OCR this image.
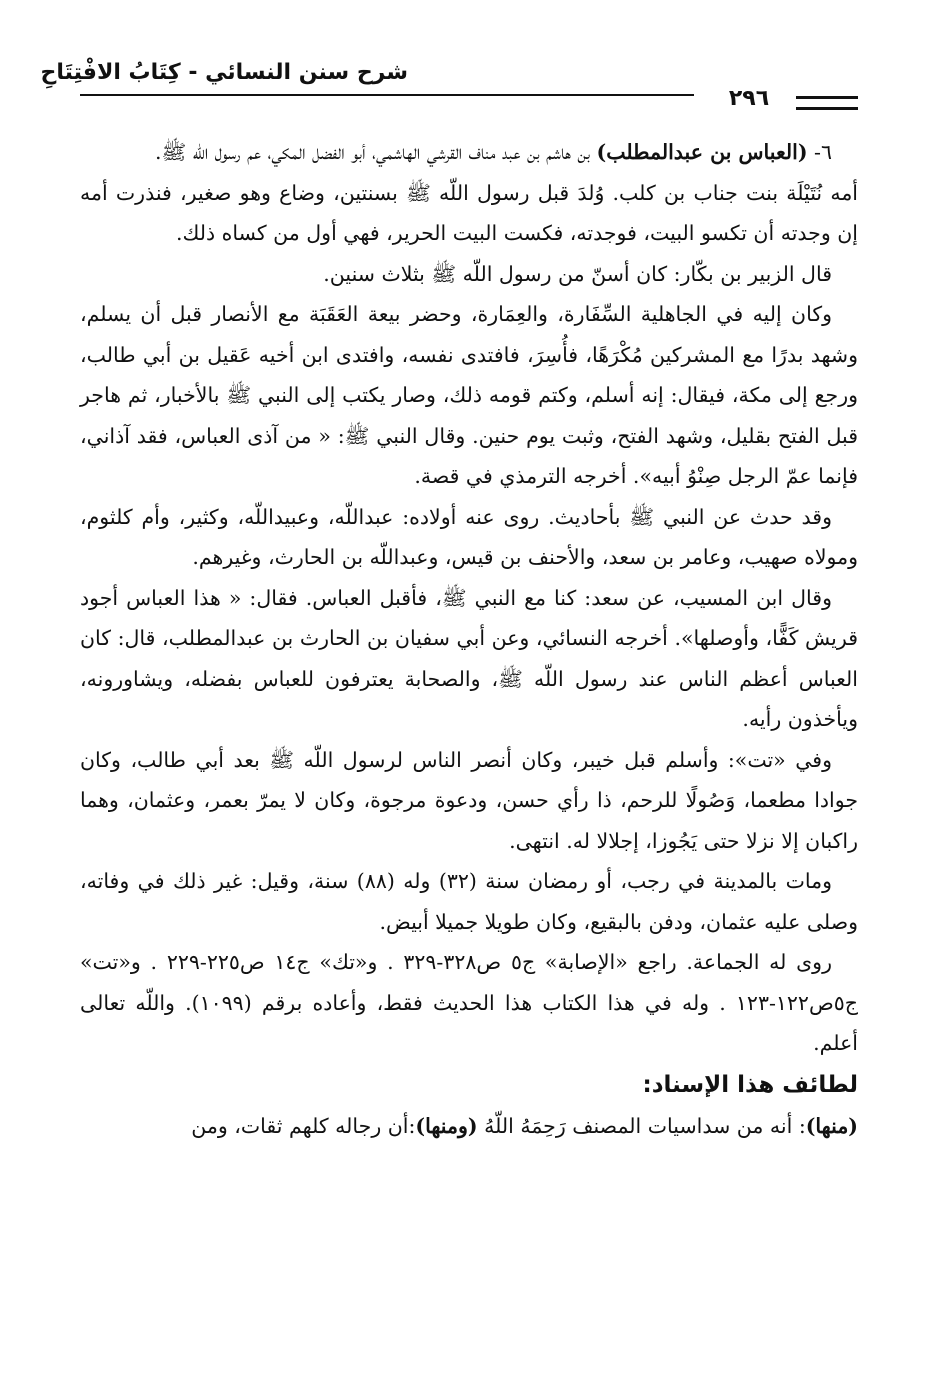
شرح سنن النسائي - كِتَابُ الافْتِتَاحِ
٢٩٦

٦- (العباس بن عبدالمطلب) بن هاشم بن عبد مناف القرشي الهاشمي، أبو الفضل المكي، عم رسول اللّه ﷺ.

أمه نُتَيْلَة بنت جناب بن كلب. وُلدَ قبل رسول اللّه ﷺ بسنتين، وضاع وهو صغير، فنذرت أمه إن وجدته أن تكسو البيت، فوجدته، فكست البيت الحرير، فهي أول من كساه ذلك.

قال الزبير بن بكّار: كان أسنّ من رسول اللّه ﷺ بثلاث سنين.

وكان إليه في الجاهلية السِّفَارة، والعِمَارة، وحضر بيعة العَقَبَة مع الأنصار قبل أن يسلم، وشهد بدرًا مع المشركين مُكْرَهًا، فأُسِرَ، فافتدى نفسه، وافتدى ابن أخيه عَقيل بن أبي طالب، ورجع إلى مكة، فيقال: إنه أسلم، وكتم قومه ذلك، وصار يكتب إلى النبي ﷺ بالأخبار، ثم هاجر قبل الفتح بقليل، وشهد الفتح، وثبت يوم حنين. وقال النبي ﷺ: « من آذى العباس، فقد آذاني، فإنما عمّ الرجل صِنْوُ أبيه». أخرجه الترمذي في قصة.

وقد حدث عن النبي ﷺ بأحاديث. روى عنه أولاده: عبداللّه، وعبيداللّه، وكثير، وأم كلثوم، ومولاه صهيب، وعامر بن سعد، والأحنف بن قيس، وعبداللّه بن الحارث، وغيرهم.

وقال ابن المسيب، عن سعد: كنا مع النبي ﷺ، فأقبل العباس. فقال: « هذا العباس أجود قريش كَفًّا، وأوصلها». أخرجه النسائي، وعن أبي سفيان بن الحارث بن عبدالمطلب، قال: كان العباس أعظم الناس عند رسول اللّه ﷺ، والصحابة يعترفون للعباس بفضله، ويشاورونه، ويأخذون رأيه.

وفي «تت»: وأسلم قبل خيبر، وكان أنصر الناس لرسول اللّه ﷺ بعد أبي طالب، وكان جوادا مطعما، وَصُولًا للرحم، ذا رأي حسن، ودعوة مرجوة، وكان لا يمرّ بعمر، وعثمان، وهما راكبان إلا نزلا حتى يَجُوزا، إجلالا له. انتهى.

ومات بالمدينة في رجب، أو رمضان سنة (٣٢) وله (٨٨) سنة، وقيل: غير ذلك في وفاته، وصلى عليه عثمان، ودفن بالبقيع، وكان طويلا جميلا أبيض.

روى له الجماعة. راجع «الإصابة» ج٥ ص٣٢٨-٣٢٩ . و«تك» ج١٤ ص٢٢٥-٢٢٩ . و«تت» ج٥ص١٢٢-١٢٣ . وله في هذا الكتاب هذا الحديث فقط، وأعاده برقم (١٠٩٩). واللّه تعالى أعلم.

لطائف هذا الإسناد:

(منها): أنه من سداسيات المصنف رَحِمَهُ اللّهُ (ومنها):أن رجاله كلهم ثقات، ومن
